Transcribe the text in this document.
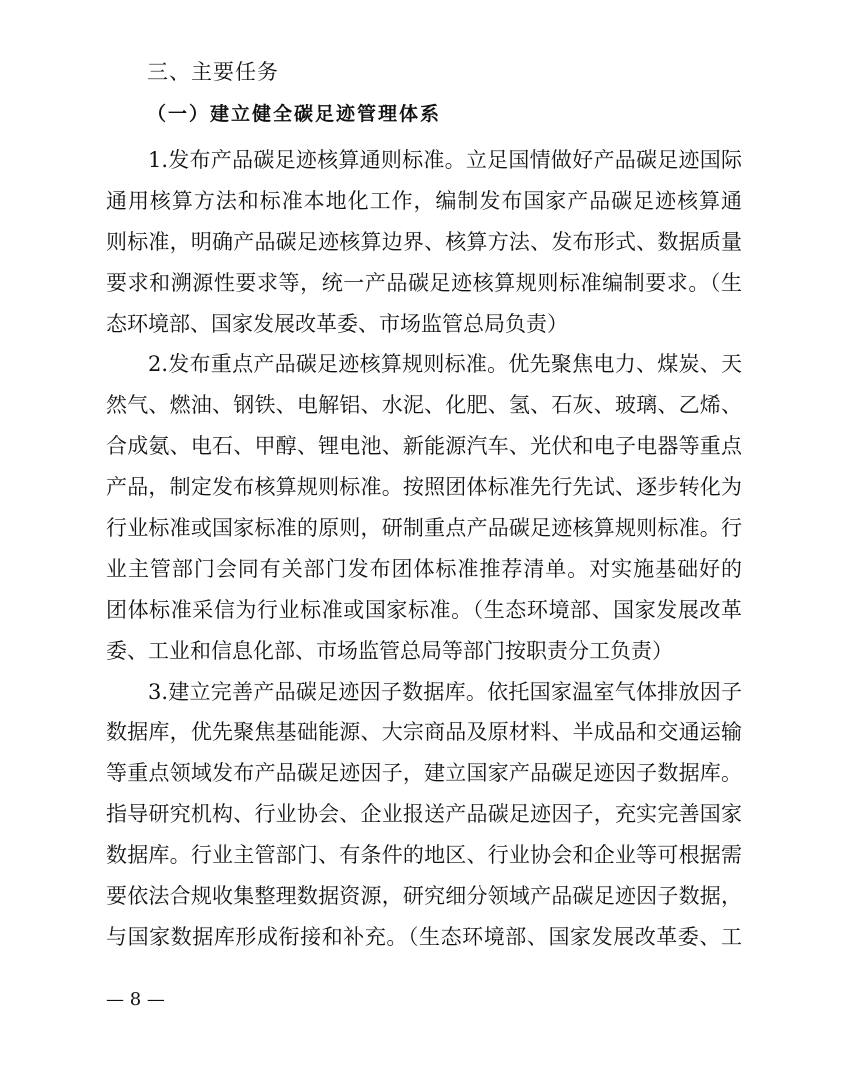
三、主要任务
（一）建立健全碳足迹管理体系
1.发布产品碳足迹核算通则标准。立足国情做好产品碳足迹国际
通用核算方法和标准本地化工作，编制发布国家产品碳足迹核算通
则标准，明确产品碳足迹核算边界、核算方法、发布形式、数据质量
要求和溯源性要求等，统一产品碳足迹核算规则标准编制要求。（生
态环境部、国家发展改革委、市场监管总局负责）
2.发布重点产品碳足迹核算规则标准。优先聚焦电力、煤炭、天
然气、燃油、钢铁、电解铝、水泥、化肥、氢、石灰、玻璃、乙烯、
合成氨、电石、甲醇、锂电池、新能源汽车、光伏和电子电器等重点
产品，制定发布核算规则标准。按照团体标准先行先试、逐步转化为
行业标准或国家标准的原则，研制重点产品碳足迹核算规则标准。行
业主管部门会同有关部门发布团体标准推荐清单。对实施基础好的
团体标准采信为行业标准或国家标准。（生态环境部、国家发展改革
委、工业和信息化部、市场监管总局等部门按职责分工负责）
3.建立完善产品碳足迹因子数据库。依托国家温室气体排放因子
数据库，优先聚焦基础能源、大宗商品及原材料、半成品和交通运输
等重点领域发布产品碳足迹因子，建立国家产品碳足迹因子数据库。
指导研究机构、行业协会、企业报送产品碳足迹因子，充实完善国家
数据库。行业主管部门、有条件的地区、行业协会和企业等可根据需
要依法合规收集整理数据资源，研究细分领域产品碳足迹因子数据，
与国家数据库形成衔接和补充。（生态环境部、国家发展改革委、工
— 8 —
